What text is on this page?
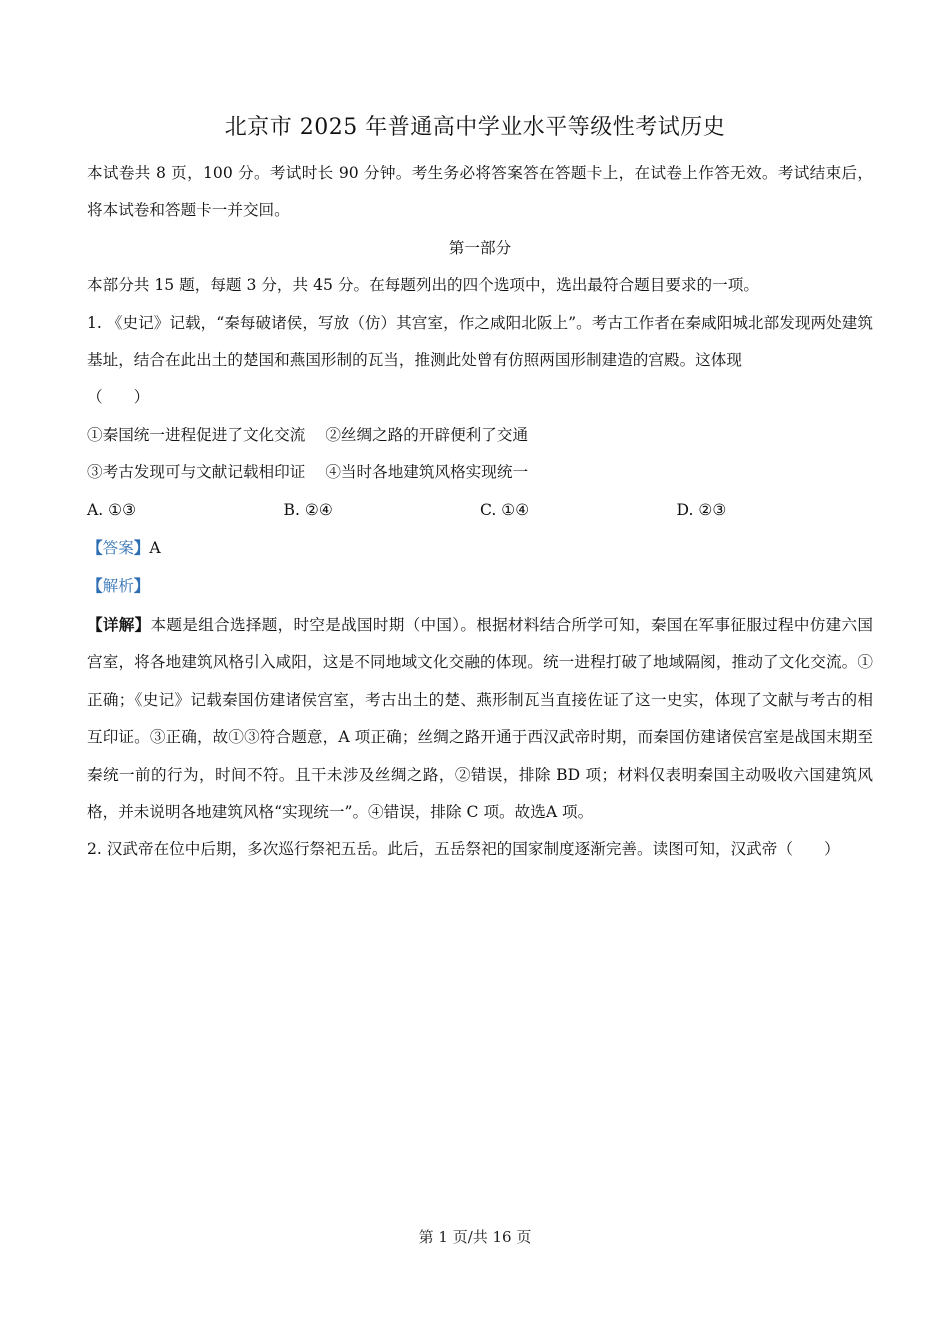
北京市 2025 年普通高中学业水平等级性考试历史

本试卷共 8 页，100 分。考试时长 90 分钟。考生务必将答案答在答题卡上，在试卷上作答无效。考试结束后，将本试卷和答题卡一并交回。

第一部分

本部分共 15 题，每题 3 分，共 45 分。在每题列出的四个选项中，选出最符合题目要求的一项。

1. 《史记》记载，“秦每破诸侯，写放（仿）其宫室，作之咸阳北阪上”。考古工作者在秦咸阳城北部发现两处建筑基址，结合在此出土的楚国和燕国形制的瓦当，推测此处曾有仿照两国形制建造的宫殿。这体现
（　　）

①秦国统一进程促进了文化交流 ②丝绸之路的开辟便利了交通
③考古发现可与文献记载相印证 ④当时各地建筑风格实现统一
A. ①③	B. ②④	C. ①④	D. ②③

【答案】A

【解析】

【详解】本题是组合选择题，时空是战国时期（中国）。根据材料结合所学可知，秦国在军事征服过程中仿建六国宫室，将各地建筑风格引入咸阳，这是不同地域文化交融的体现。统一进程打破了地域隔阂，推动了文化交流。①正确；《史记》记载秦国仿建诸侯宫室，考古出土的楚、燕形制瓦当直接佐证了这一史实，体现了文献与考古的相互印证。③正确，故①③符合题意，A 项正确；丝绸之路开通于西汉武帝时期，而秦国仿建诸侯宫室是战国末期至秦统一前的行为，时间不符。且干未涉及丝绸之路，②错误，排除 BD 项；材料仅表明秦国主动吸收六国建筑风格，并未说明各地建筑风格“实现统一”。④错误，排除 C 项。故选A 项。

2. 汉武帝在位中后期，多次巡行祭祀五岳。此后，五岳祭祀的国家制度逐渐完善。读图可知，汉武帝（　　）

第 1 页/共 16 页
